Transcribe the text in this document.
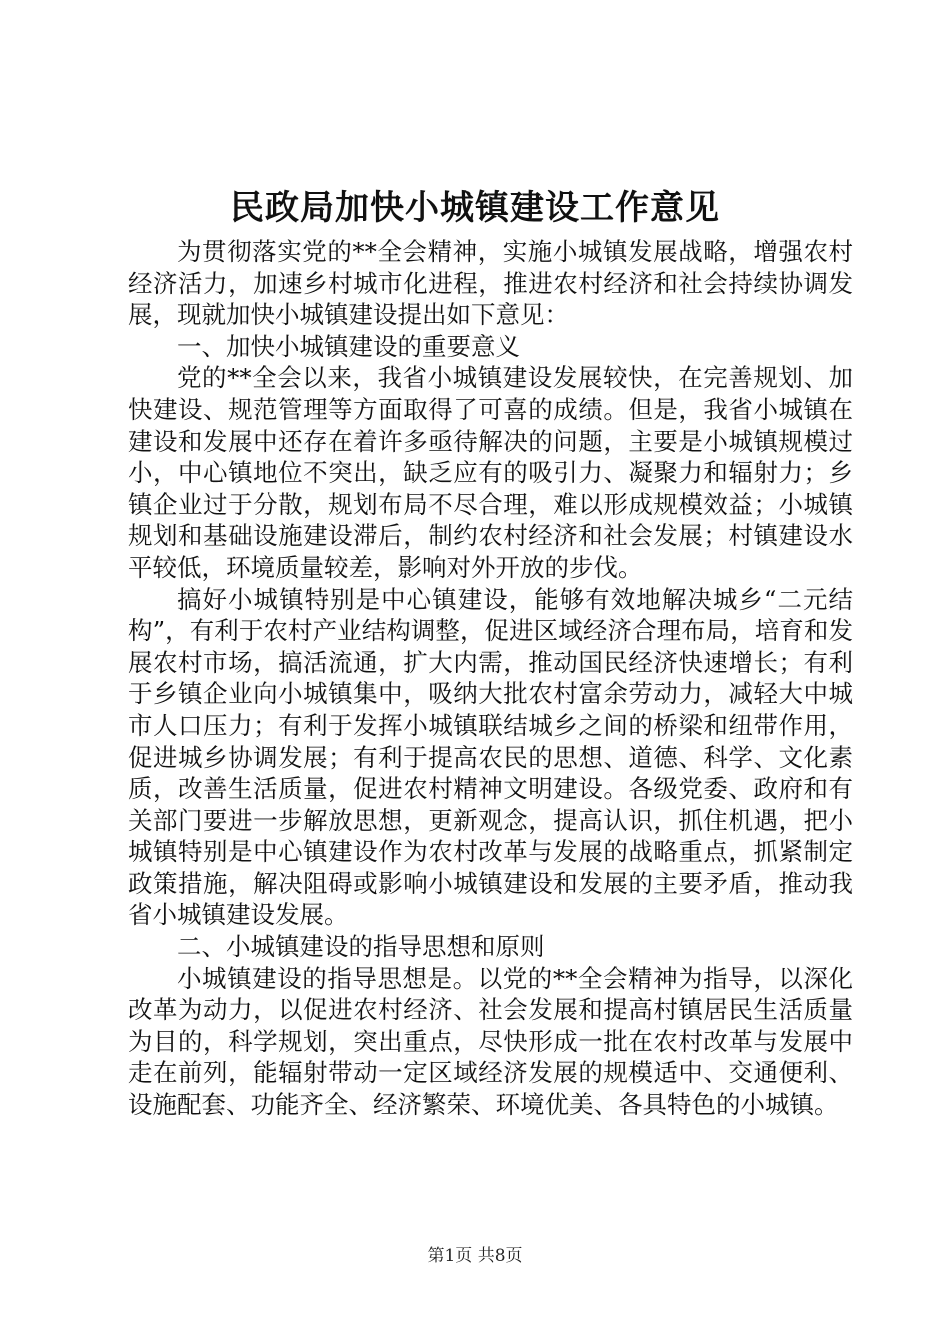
民政局加快小城镇建设工作意见

为贯彻落实党的**全会精神，实施小城镇发展战略，增强农村经济活力，加速乡村城市化进程，推进农村经济和社会持续协调发展，现就加快小城镇建设提出如下意见：

一、加快小城镇建设的重要意义

党的**全会以来，我省小城镇建设发展较快，在完善规划、加快建设、规范管理等方面取得了可喜的成绩。但是，我省小城镇在建设和发展中还存在着许多亟待解决的问题，主要是小城镇规模过小，中心镇地位不突出，缺乏应有的吸引力、凝聚力和辐射力；乡镇企业过于分散，规划布局不尽合理，难以形成规模效益；小城镇规划和基础设施建设滞后，制约农村经济和社会发展；村镇建设水平较低，环境质量较差，影响对外开放的步伐。

搞好小城镇特别是中心镇建设，能够有效地解决城乡“二元结构”，有利于农村产业结构调整，促进区域经济合理布局，培育和发展农村市场，搞活流通，扩大内需，推动国民经济快速增长；有利于乡镇企业向小城镇集中，吸纳大批农村富余劳动力，减轻大中城市人口压力；有利于发挥小城镇联结城乡之间的桥梁和纽带作用，促进城乡协调发展；有利于提高农民的思想、道德、科学、文化素质，改善生活质量，促进农村精神文明建设。各级党委、政府和有关部门要进一步解放思想，更新观念，提高认识，抓住机遇，把小城镇特别是中心镇建设作为农村改革与发展的战略重点，抓紧制定政策措施，解决阻碍或影响小城镇建设和发展的主要矛盾，推动我省小城镇建设发展。

二、小城镇建设的指导思想和原则

小城镇建设的指导思想是。以党的**全会精神为指导，以深化改革为动力，以促进农村经济、社会发展和提高村镇居民生活质量为目的，科学规划，突出重点，尽快形成一批在农村改革与发展中走在前列，能辐射带动一定区域经济发展的规模适中、交通便利、设施配套、功能齐全、经济繁荣、环境优美、各具特色的小城镇。

第1页 共8页
